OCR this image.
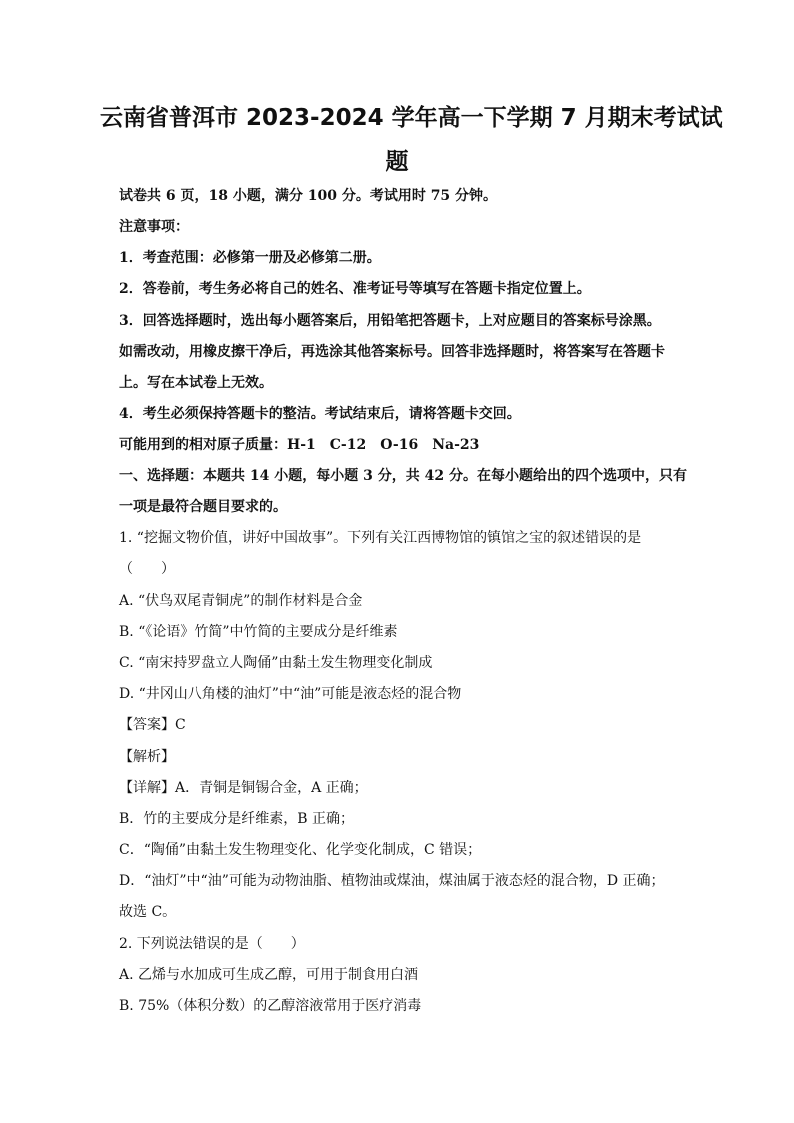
云南省普洱市 2023-2024 学年高一下学期 7 月期末考试试
题
试卷共 6 页，18 小题，满分 100 分。考试用时 75 分钟。
注意事项：
1．考查范围：必修第一册及必修第二册。
2．答卷前，考生务必将自己的姓名、准考证号等填写在答题卡指定位置上。
3．回答选择题时，选出每小题答案后，用铅笔把答题卡，上对应题目的答案标号涂黑。
如需改动，用橡皮擦干净后，再选涂其他答案标号。回答非选择题时，将答案写在答题卡
上。写在本试卷上无效。
4．考生必须保持答题卡的整洁。考试结束后，请将答题卡交回。
可能用到的相对原子质量：H-1　C-12　O-16　Na-23
一、选择题：本题共 14 小题，每小题 3 分，共 42 分。在每小题给出的四个选项中，只有
一项是最符合题目要求的。
1. “挖掘文物价值，讲好中国故事”。下列有关江西博物馆的镇馆之宝的叙述错误的是
（　　）
A. “伏鸟双尾青铜虎”的制作材料是合金
B. “《论语》竹简”中竹简的主要成分是纤维素
C. “南宋持罗盘立人陶俑”由黏土发生物理变化制成
D. “井冈山八角楼的油灯”中“油”可能是液态烃的混合物
【答案】C
【解析】
【详解】A．青铜是铜锡合金，A 正确；
B．竹的主要成分是纤维素，B 正确；
C．“陶俑”由黏土发生物理变化、化学变化制成，C 错误；
D．“油灯”中“油”可能为动物油脂、植物油或煤油，煤油属于液态烃的混合物，D 正确；
故选 C。
2. 下列说法错误的是（　　）
A. 乙烯与水加成可生成乙醇，可用于制食用白酒
B. 75%（体积分数）的乙醇溶液常用于医疗消毒
